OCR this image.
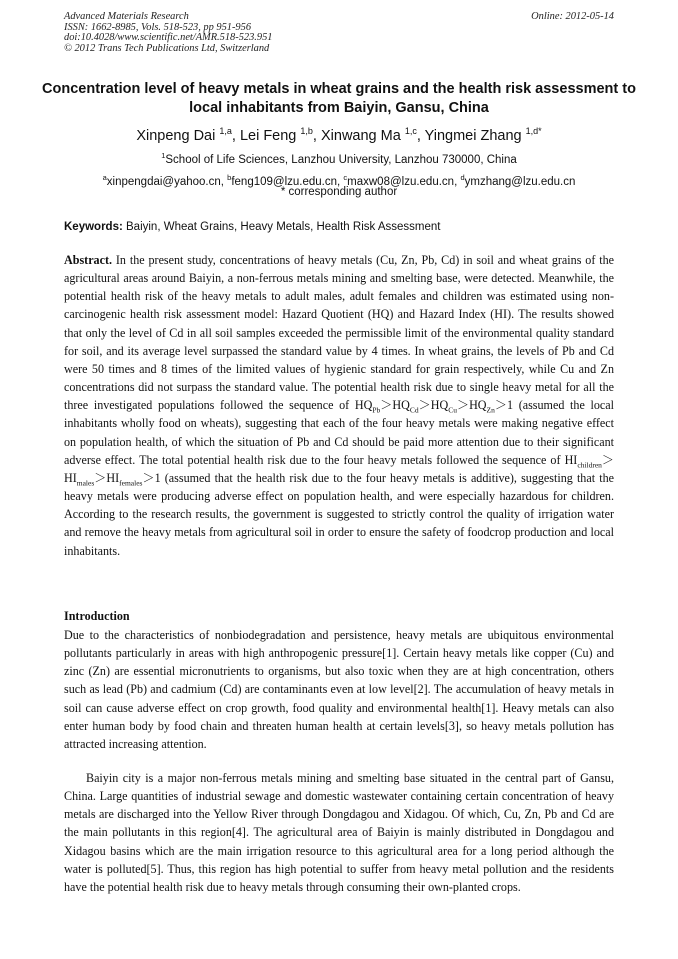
Advanced Materials Research
ISSN: 1662-8985, Vols. 518-523, pp 951-956
doi:10.4028/www.scientific.net/AMR.518-523.951
© 2012 Trans Tech Publications Ltd, Switzerland
Online: 2012-05-14
Concentration level of heavy metals in wheat grains and the health risk assessment to local inhabitants from Baiyin, Gansu, China
Xinpeng Dai $^{1,a}$, Lei Feng $^{1,b}$, Xinwang Ma $^{1,c}$, Yingmei Zhang $^{1,d*}$
$^1$School of Life Sciences, Lanzhou University, Lanzhou 730000, China
$^a$xinpengdai@yahoo.cn, $^b$feng109@lzu.edu.cn, $^c$maxw08@lzu.edu.cn, $^d$ymzhang@lzu.edu.cn
* corresponding author
Keywords: Baiyin, Wheat Grains, Heavy Metals, Health Risk Assessment
Abstract. In the present study, concentrations of heavy metals (Cu, Zn, Pb, Cd) in soil and wheat grains of the agricultural areas around Baiyin, a non-ferrous metals mining and smelting base, were detected. Meanwhile, the potential health risk of the heavy metals to adult males, adult females and children was estimated using non-carcinogenic health risk assessment model: Hazard Quotient (HQ) and Hazard Index (HI). The results showed that only the level of Cd in all soil samples exceeded the permissible limit of the environmental quality standard for soil, and its average level surpassed the standard value by 4 times. In wheat grains, the levels of Pb and Cd were 50 times and 8 times of the limited values of hygienic standard for grain respectively, while Cu and Zn concentrations did not surpass the standard value. The potential health risk due to single heavy metal for all the three investigated populations followed the sequence of $HQ_{Pb}>HQ_{Cd}>HQ_{Cu}>HQ_{Zn}>1$ (assumed the local inhabitants wholly food on wheats), suggesting that each of the four heavy metals were making negative effect on population health, of which the situation of Pb and Cd should be paid more attention due to their significant adverse effect. The total potential health risk due to the four heavy metals followed the sequence of $HI_{children}>HI_{males}>HI_{females}>1$ (assumed that the health risk due to the four heavy metals is additive), suggesting that the heavy metals were producing adverse effect on population health, and were especially hazardous for children. According to the research results, the government is suggested to strictly control the quality of irrigation water and remove the heavy metals from agricultural soil in order to ensure the safety of foodcrop production and local inhabitants.
Introduction
Due to the characteristics of nonbiodegradation and persistence, heavy metals are ubiquitous environmental pollutants particularly in areas with high anthropogenic pressure[1]. Certain heavy metals like copper (Cu) and zinc (Zn) are essential micronutrients to organisms, but also toxic when they are at high concentration, others such as lead (Pb) and cadmium (Cd) are contaminants even at low level[2]. The accumulation of heavy metals in soil can cause adverse effect on crop growth, food quality and environmental health[1]. Heavy metals can also enter human body by food chain and threaten human health at certain levels[3], so heavy metals pollution has attracted increasing attention.
Baiyin city is a major non-ferrous metals mining and smelting base situated in the central part of Gansu, China. Large quantities of industrial sewage and domestic wastewater containing certain concentration of heavy metals are discharged into the Yellow River through Dongdagou and Xidagou. Of which, Cu, Zn, Pb and Cd are the main pollutants in this region[4]. The agricultural area of Baiyin is mainly distributed in Dongdagou and Xidagou basins which are the main irrigation resource to this agricultural area for a long period although the water is polluted[5]. Thus, this region has high potential to suffer from heavy metal pollution and the residents have the potential health risk due to heavy metals through consuming their own-planted crops.
